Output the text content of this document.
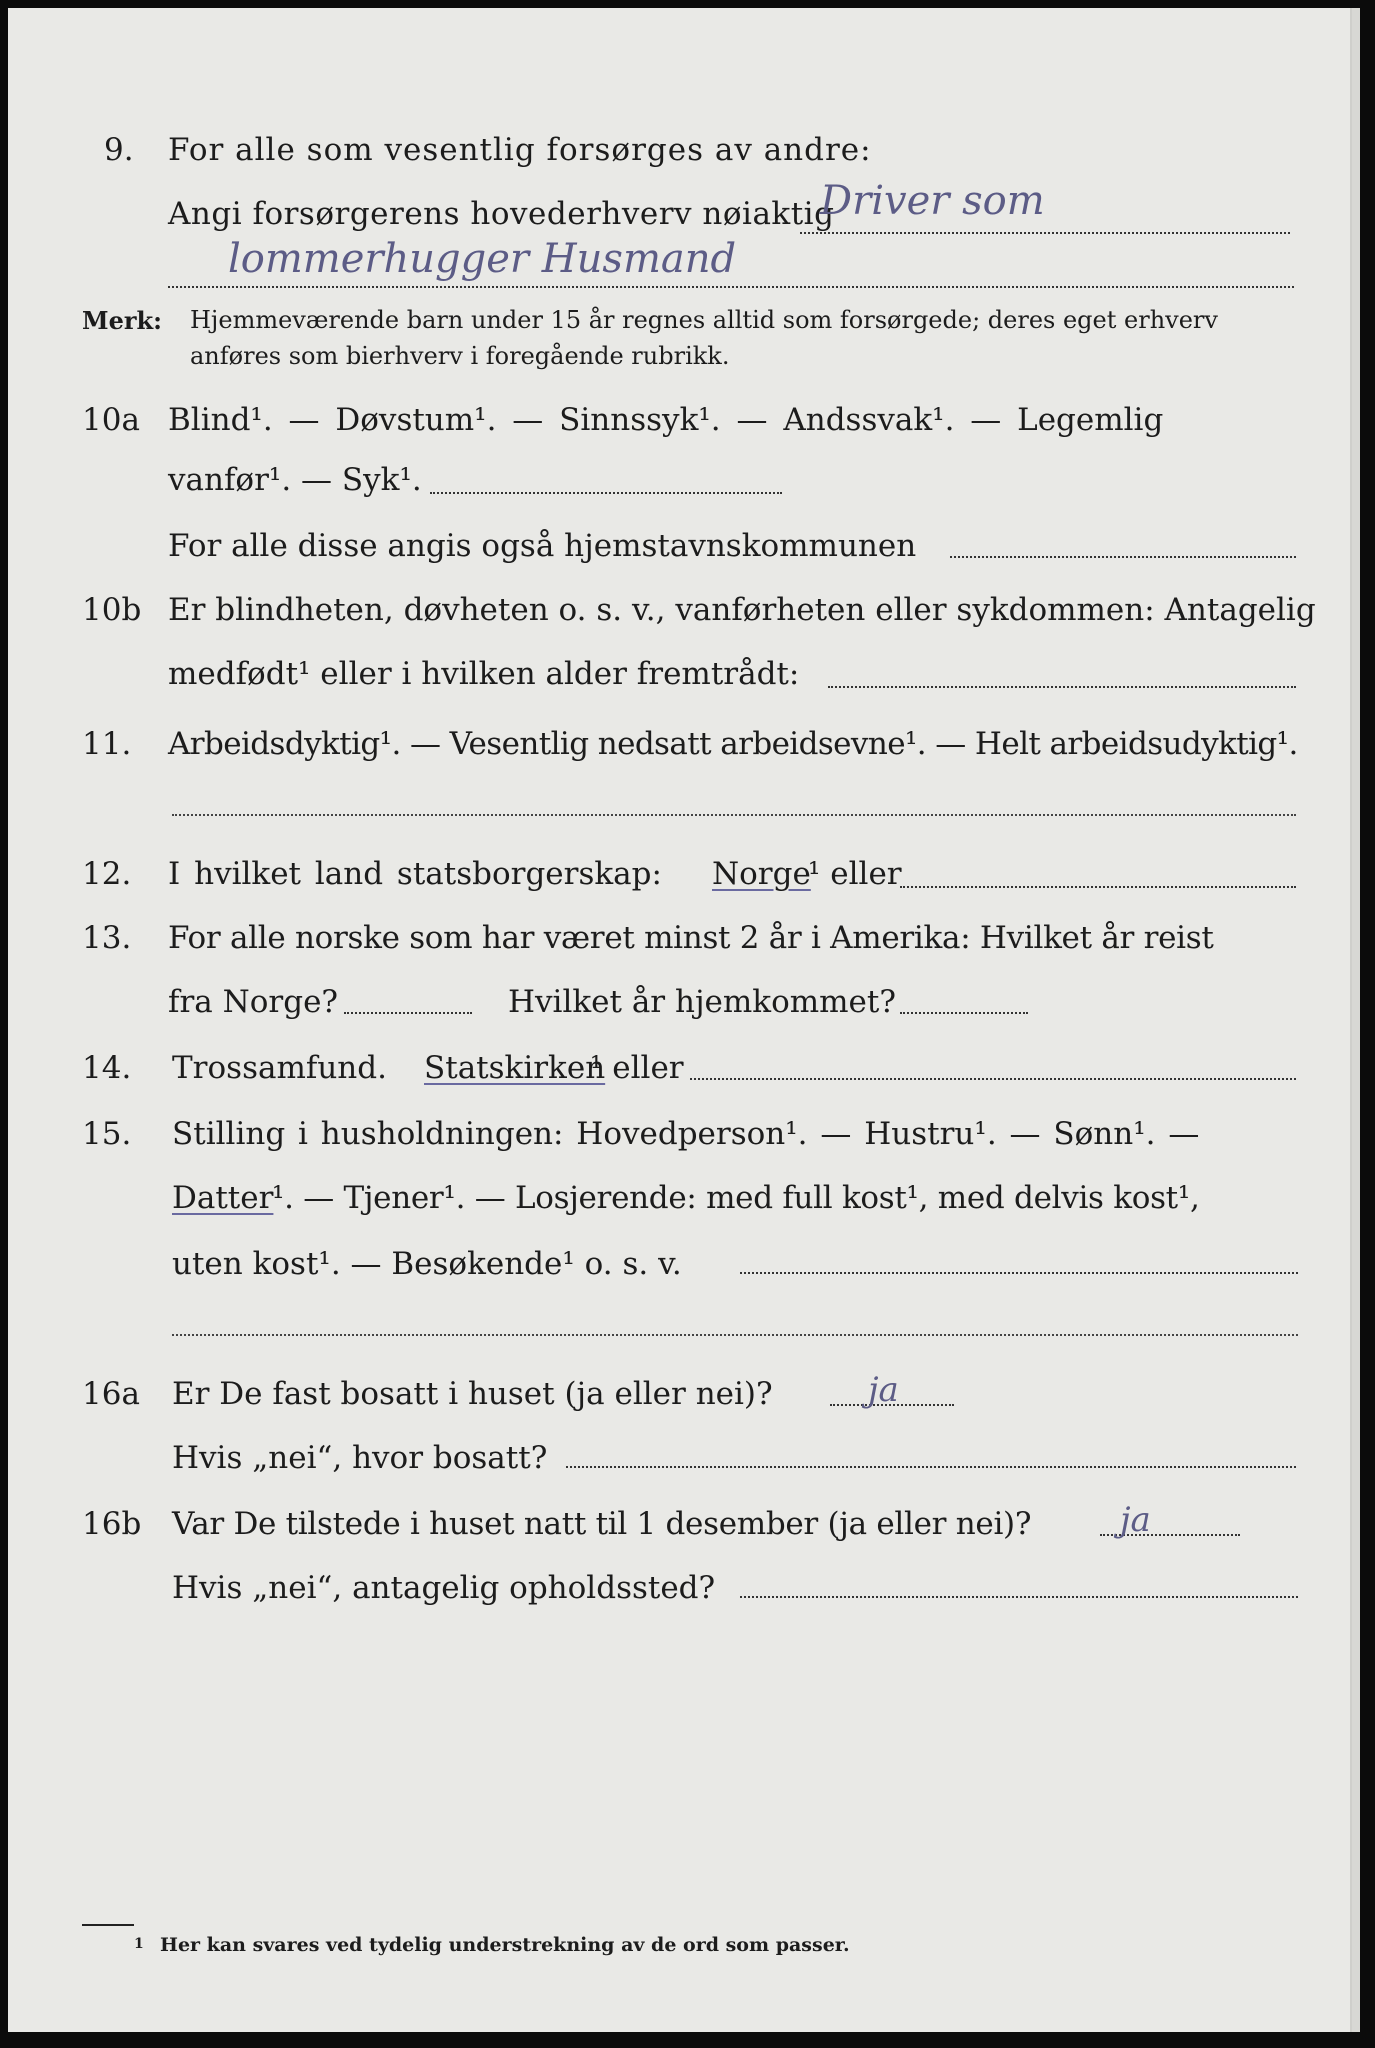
9. For alle som vesentlig forsørges av andre:
Angi forsørgerens hovederhverv nøiaktig
Driver som
lommerhugger Husmand
Merk: Hjemmeværende barn under 15 år regnes alltid som forsørgede; deres eget erhverv
anføres som bierhverv i foregående rubrikk.
10a Blind¹. — Døvstum¹. — Sinnssyk¹. — Andssvak¹. — Legemlig
vanfør¹. — Syk¹.
For alle disse angis også hjemstavnskommunen
10b Er blindheten, døvheten o. s. v., vanførheten eller sykdommen: Antagelig
medfødt¹ eller i hvilken alder fremtrådt:
11. Arbeidsdyktig¹. — Vesentlig nedsatt arbeidsevne¹. — Helt arbeidsudyktig¹.
12. I hvilket land statsborgerskap: Norge
¹ eller
13. For alle norske som har været minst 2 år i Amerika: Hvilket år reist
fra Norge?	Hvilket år hjemkommet?
14. Trossamfund. Statskirken
¹ eller
15. Stilling i husholdningen: Hovedperson¹. — Hustru¹. — Sønn¹. —
Datter
¹. — Tjener¹. — Losjerende: med full kost¹, med delvis kost¹,
uten kost¹. — Besøkende¹ o. s. v.
16a Er De fast bosatt i huset (ja eller nei)?	ja
Hvis „nei“, hvor bosatt?
16b Var De tilstede i huset natt til 1 desember (ja eller nei)?	ja
Hvis „nei“, antagelig opholdssted?
1 Her kan svares ved tydelig understrekning av de ord som passer.
